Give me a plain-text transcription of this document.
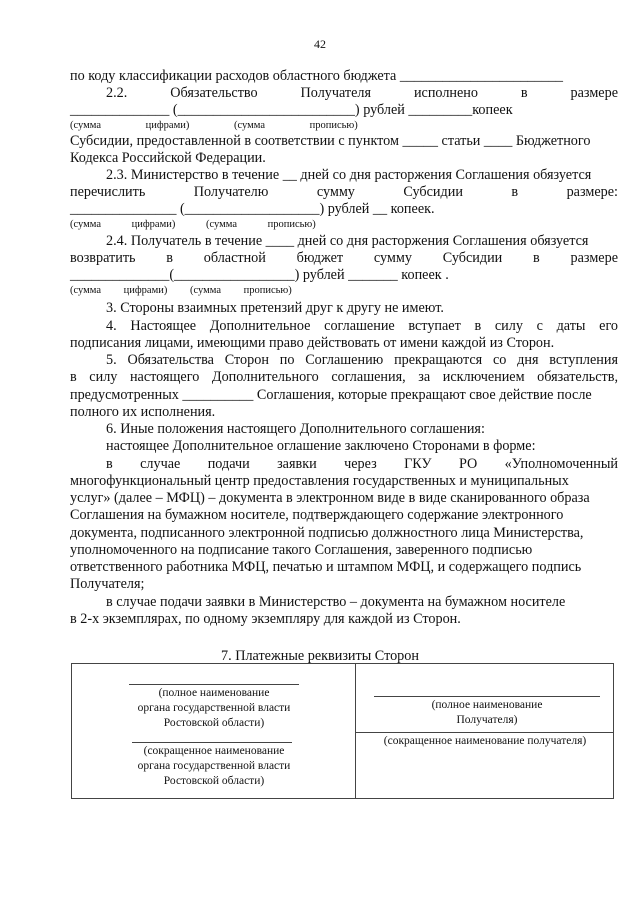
42
по коду классификации расходов областного бюджета _______________________
2.2. Обязательство Получателя исполнено в размере
______________ (_________________________) рублей _________копеек
(сумма цифрами) (сумма прописью)
Субсидии, предоставленной в соответствии с пунктом _____ статьи ____ Бюджетного
Кодекса Российской Федерации.
2.3. Министерство в течение __ дней со дня расторжения Соглашения обязуется
перечислить Получателю сумму Субсидии в размере:
_______________ (___________________) рублей __ копеек.
(сумма цифрами) (сумма прописью)
2.4. Получатель в течение ____ дней со дня расторжения Соглашения обязуется
возвратить в областной бюджет сумму Субсидии в размере
______________(_________________) рублей _______ копеек .
(сумма цифрами) (сумма прописью)
3. Стороны взаимных претензий друг к другу не имеют.
4. Настоящее Дополнительное соглашение вступает в силу с даты его
подписания лицами, имеющими право действовать от имени каждой из Сторон.
5. Обязательства Сторон по Соглашению прекращаются со дня вступления
в силу настоящего Дополнительного соглашения, за исключением обязательств,
предусмотренных __________ Соглашения, которые прекращают свое действие после
полного их исполнения.
6. Иные положения настоящего Дополнительного соглашения:
настоящее Дополнительное оглашение заключено Сторонами в форме:
в случае подачи заявки через ГКУ РО «Уполномоченный
многофункциональный центр предоставления государственных и муниципальных
услуг» (далее – МФЦ) – документа в электронном виде в виде сканированного образа
Соглашения на бумажном носителе, подтверждающего содержание электронного
документа, подписанного электронной подписью должностного лица Министерства,
уполномоченного на подписание такого Соглашения, заверенного подписью
ответственного работника МФЦ, печатью и штампом МФЦ, и содержащего подпись
Получателя;
в случае подачи заявки в Министерство – документа на бумажном носителе
в 2-х экземплярах, по одному экземпляру для каждой из Сторон.
7. Платежные реквизиты Сторон
(полное наименование
органа государственной власти
Ростовской области)
(сокращенное наименование
органа государственной власти
Ростовской области)
(полное наименование
Получателя)
(сокращенное наименование получателя)
